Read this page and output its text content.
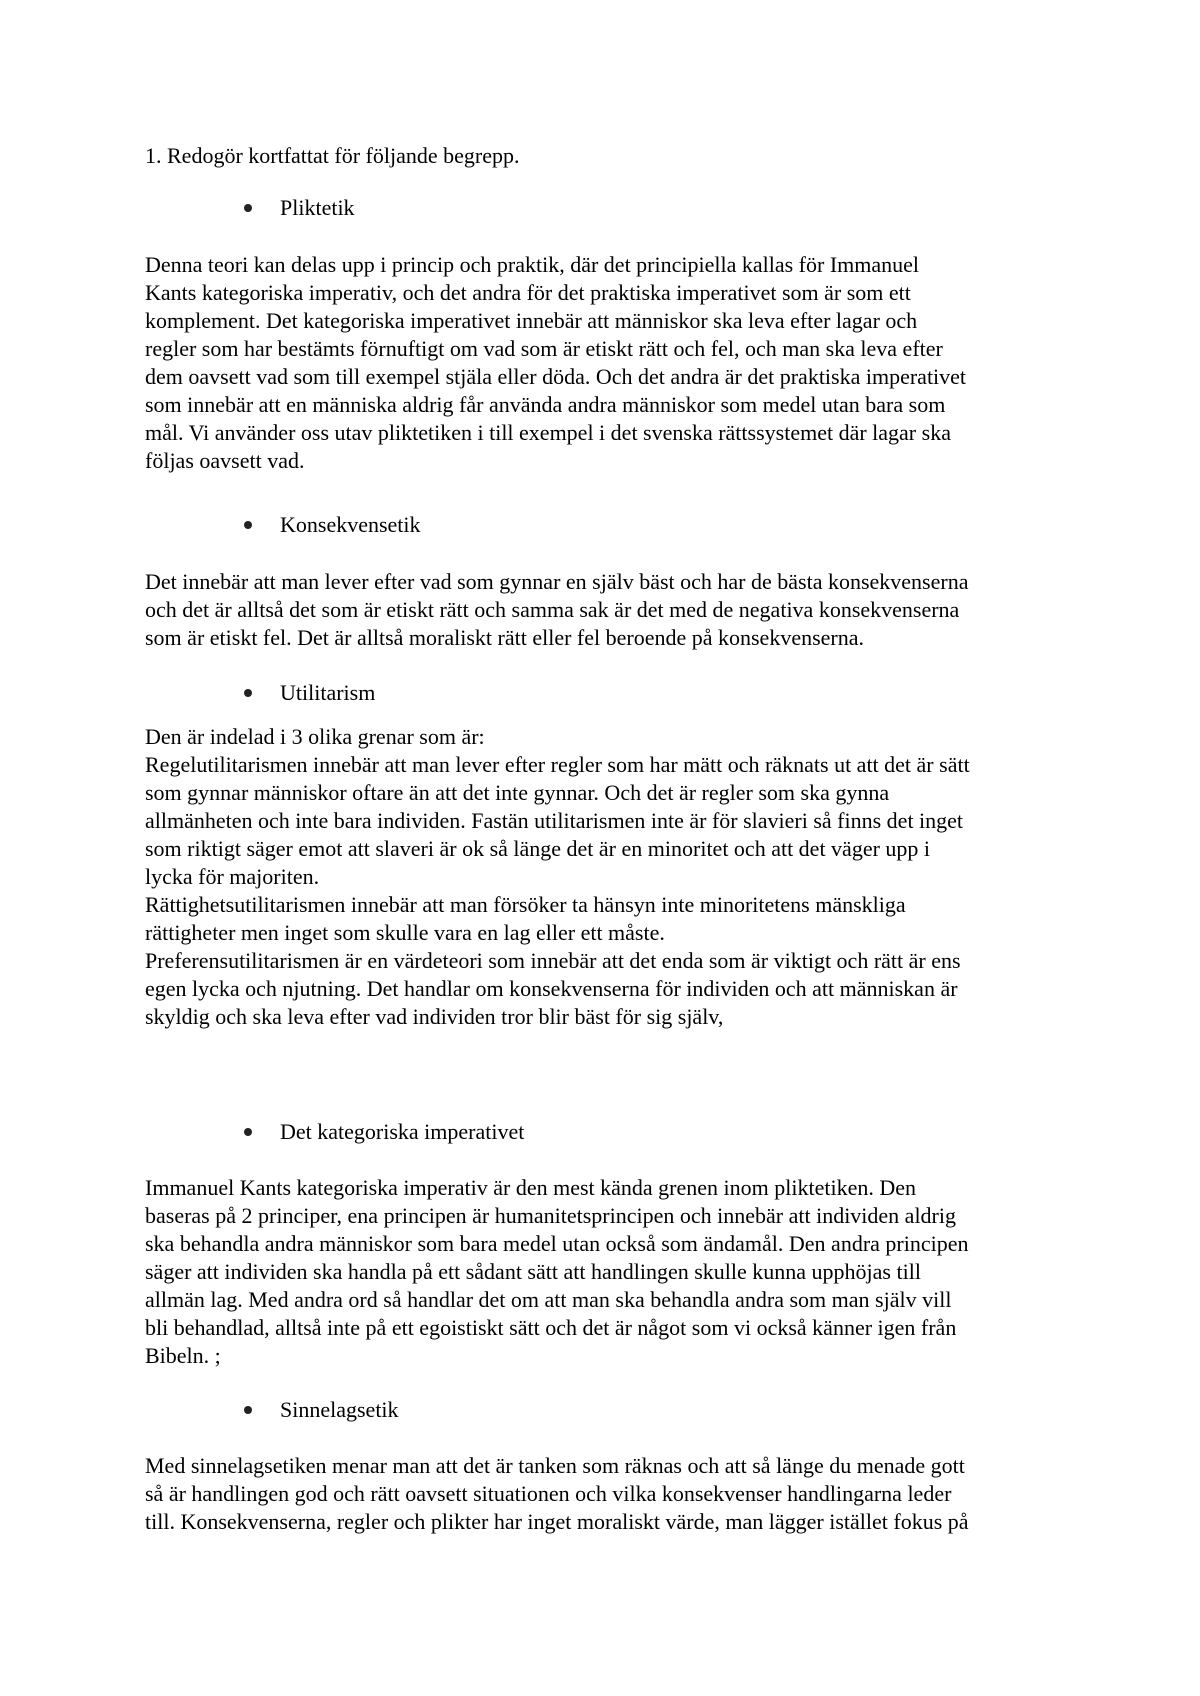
1. Redogör kortfattat för följande begrepp.

Pliktetik
Denna teori kan delas upp i princip och praktik, där det principiella kallas för Immanuel
Kants kategoriska imperativ, och det andra för det praktiska imperativet som är som ett
komplement. Det kategoriska imperativet innebär att människor ska leva efter lagar och
regler som har bestämts förnuftigt om vad som är etiskt rätt och fel, och man ska leva efter
dem oavsett vad som till exempel stjäla eller döda. Och det andra är det praktiska imperativet
som innebär att en människa aldrig får använda andra människor som medel utan bara som
mål. Vi använder oss utav pliktetiken i till exempel i det svenska rättssystemet där lagar ska
följas oavsett vad.
Konsekvensetik
Det innebär att man lever efter vad som gynnar en själv bäst och har de bästa konsekvenserna
och det är alltså det som är etiskt rätt och samma sak är det med de negativa konsekvenserna
som är etiskt fel. Det är alltså moraliskt rätt eller fel beroende på konsekvenserna.
Utilitarism
Den är indelad i 3 olika grenar som är:
Regelutilitarismen innebär att man lever efter regler som har mätt och räknats ut att det är sätt
som gynnar människor oftare än att det inte gynnar. Och det är regler som ska gynna
allmänheten och inte bara individen. Fastän utilitarismen inte är för slavieri så finns det inget
som riktigt säger emot att slaveri är ok så länge det är en minoritet och att det väger upp i
lycka för majoriten.
Rättighetsutilitarismen innebär att man försöker ta hänsyn inte minoritetens mänskliga
rättigheter men inget som skulle vara en lag eller ett måste.
Preferensutilitarismen är en värdeteori som innebär att det enda som är viktigt och rätt är ens
egen lycka och njutning. Det handlar om konsekvenserna för individen och att människan är
skyldig och ska leva efter vad individen tror blir bäst för sig själv,
Det kategoriska imperativet
Immanuel Kants kategoriska imperativ är den mest kända grenen inom pliktetiken. Den
baseras på 2 principer, ena principen är humanitetsprincipen och innebär att individen aldrig
ska behandla andra människor som bara medel utan också som ändamål. Den andra principen
säger att individen ska handla på ett sådant sätt att handlingen skulle kunna upphöjas till
allmän lag. Med andra ord så handlar det om att man ska behandla andra som man själv vill
bli behandlad, alltså inte på ett egoistiskt sätt och det är något som vi också känner igen från
Bibeln. ;
Sinnelagsetik
Med sinnelagsetiken menar man att det är tanken som räknas och att så länge du menade gott
så är handlingen god och rätt oavsett situationen och vilka konsekvenser handlingarna leder
till. Konsekvenserna, regler och plikter har inget moraliskt värde, man lägger istället fokus på
